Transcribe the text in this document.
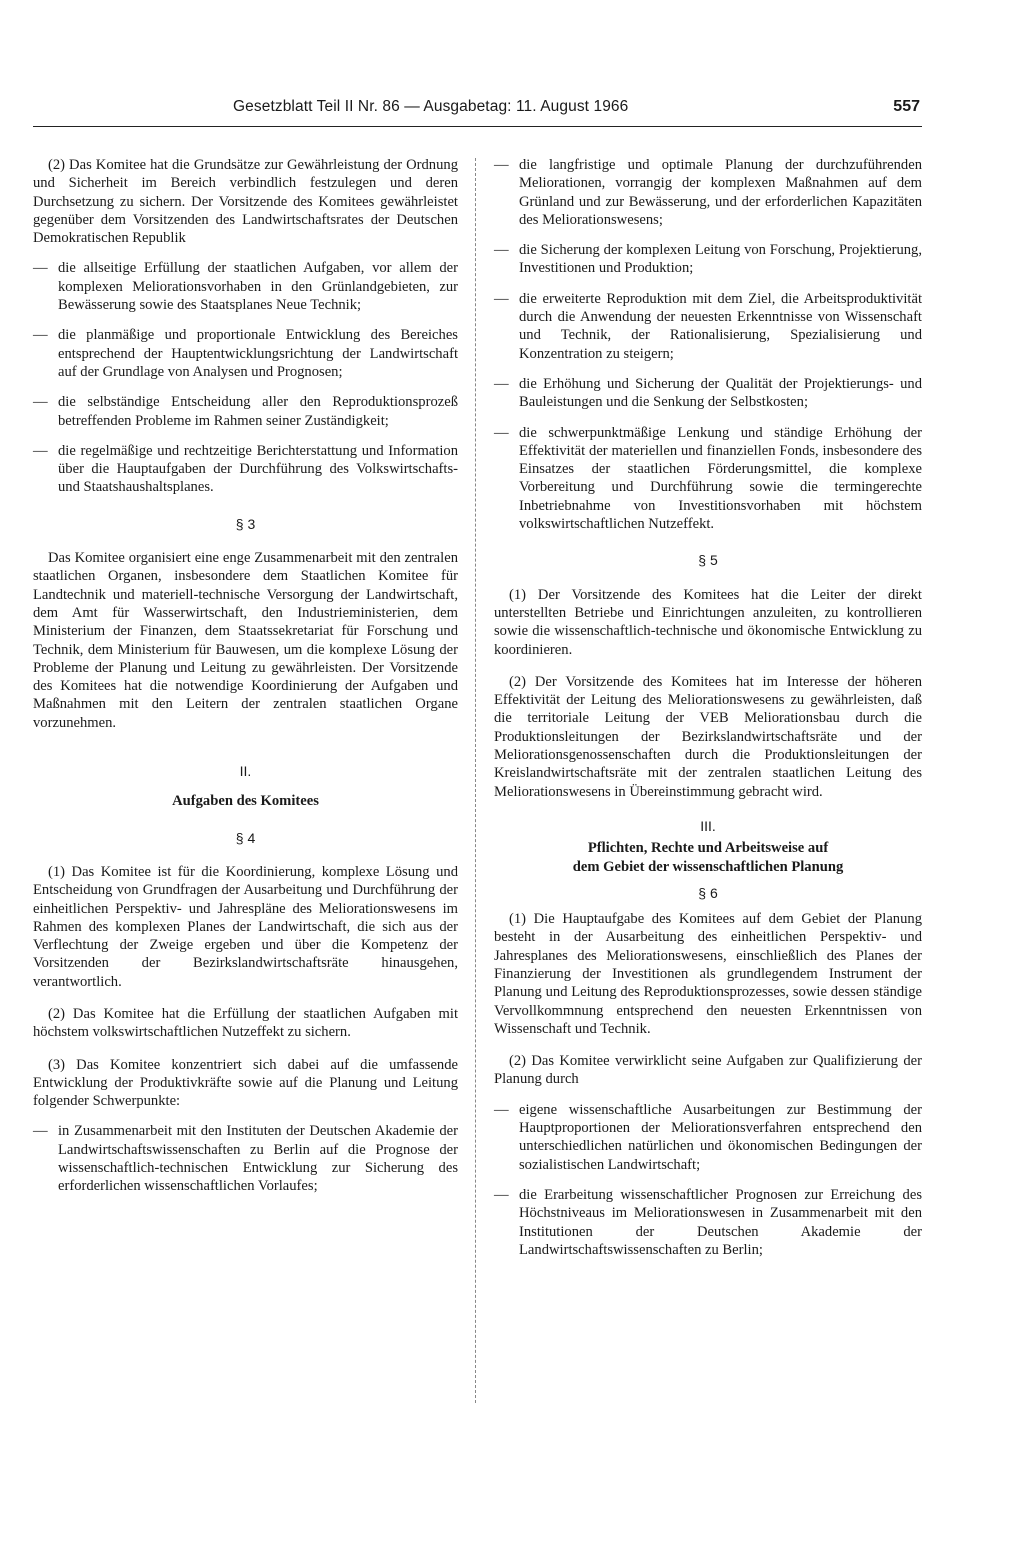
Gesetzblatt Teil II Nr. 86 — Ausgabetag: 11. August 1966	557

(2) Das Komitee hat die Grundsätze zur Gewährleistung der Ordnung und Sicherheit im Bereich verbindlich festzulegen und deren Durchsetzung zu sichern. Der Vorsitzende des Komitees gewährleistet gegenüber dem Vorsitzenden des Landwirtschaftsrates der Deutschen Demokratischen Republik

— die allseitige Erfüllung der staatlichen Aufgaben, vor allem der komplexen Meliorationsvorhaben in den Grünlandgebieten, zur Bewässerung sowie des Staatsplanes Neue Technik;

— die planmäßige und proportionale Entwicklung des Bereiches entsprechend der Hauptentwicklungsrichtung der Landwirtschaft auf der Grundlage von Analysen und Prognosen;

— die selbständige Entscheidung aller den Reproduktionsprozeß betreffenden Probleme im Rahmen seiner Zuständigkeit;

— die regelmäßige und rechtzeitige Berichterstattung und Information über die Hauptaufgaben der Durchführung des Volkswirtschafts- und Staatshaushaltsplanes.

§ 3

Das Komitee organisiert eine enge Zusammenarbeit mit den zentralen staatlichen Organen, insbesondere dem Staatlichen Komitee für Landtechnik und materiell-technische Versorgung der Landwirtschaft, dem Amt für Wasserwirtschaft, den Industrieministerien, dem Ministerium der Finanzen, dem Staatssekretariat für Forschung und Technik, dem Ministerium für Bauwesen, um die komplexe Lösung der Probleme der Planung und Leitung zu gewährleisten. Der Vorsitzende des Komitees hat die notwendige Koordinierung der Aufgaben und Maßnahmen mit den Leitern der zentralen staatlichen Organe vorzunehmen.

II.
Aufgaben des Komitees
§ 4

(1) Das Komitee ist für die Koordinierung, komplexe Lösung und Entscheidung von Grundfragen der Ausarbeitung und Durchführung der einheitlichen Perspektiv- und Jahrespläne des Meliorationswesens im Rahmen des komplexen Planes der Landwirtschaft, die sich aus der Verflechtung der Zweige ergeben und über die Kompetenz der Vorsitzenden der Bezirkslandwirtschaftsräte hinausgehen, verantwortlich.

(2) Das Komitee hat die Erfüllung der staatlichen Aufgaben mit höchstem volkswirtschaftlichen Nutzeffekt zu sichern.

(3) Das Komitee konzentriert sich dabei auf die umfassende Entwicklung der Produktivkräfte sowie auf die Planung und Leitung folgender Schwerpunkte:

— in Zusammenarbeit mit den Instituten der Deutschen Akademie der Landwirtschaftswissenschaften zu Berlin auf die Prognose der wissenschaftlich-technischen Entwicklung zur Sicherung des erforderlichen wissenschaftlichen Vorlaufes;

— die langfristige und optimale Planung der durchzuführenden Meliorationen, vorrangig der komplexen Maßnahmen auf dem Grünland und zur Bewässerung, und der erforderlichen Kapazitäten des Meliorationswesens;

— die Sicherung der komplexen Leitung von Forschung, Projektierung, Investitionen und Produktion;

— die erweiterte Reproduktion mit dem Ziel, die Arbeitsproduktivität durch die Anwendung der neuesten Erkenntnisse von Wissenschaft und Technik, der Rationalisierung, Spezialisierung und Konzentration zu steigern;

— die Erhöhung und Sicherung der Qualität der Projektierungs- und Bauleistungen und die Senkung der Selbstkosten;

— die schwerpunktmäßige Lenkung und ständige Erhöhung der Effektivität der materiellen und finanziellen Fonds, insbesondere des Einsatzes der staatlichen Förderungsmittel, die komplexe Vorbereitung und Durchführung sowie die termingerechte Inbetriebnahme von Investitionsvorhaben mit höchstem volkswirtschaftlichen Nutzeffekt.

§ 5

(1) Der Vorsitzende des Komitees hat die Leiter der direkt unterstellten Betriebe und Einrichtungen anzuleiten, zu kontrollieren sowie die wissenschaftlich-technische und ökonomische Entwicklung zu koordinieren.

(2) Der Vorsitzende des Komitees hat im Interesse der höheren Effektivität der Leitung des Meliorationswesens zu gewährleisten, daß die territoriale Leitung der VEB Meliorationsbau durch die Produktionsleitungen der Bezirkslandwirtschaftsräte und der Meliorationsgenossenschaften durch die Produktionsleitungen der Kreislandwirtschaftsräte mit der zentralen staatlichen Leitung des Meliorationswesens in Übereinstimmung gebracht wird.

III.
Pflichten, Rechte und Arbeitsweise auf
dem Gebiet der wissenschaftlichen Planung
§ 6

(1) Die Hauptaufgabe des Komitees auf dem Gebiet der Planung besteht in der Ausarbeitung des einheitlichen Perspektiv- und Jahresplanes des Meliorationswesens, einschließlich des Planes der Finanzierung der Investitionen als grundlegendem Instrument der Planung und Leitung des Reproduktionsprozesses, sowie dessen ständige Vervollkommnung entsprechend den neuesten Erkenntnissen von Wissenschaft und Technik.

(2) Das Komitee verwirklicht seine Aufgaben zur Qualifizierung der Planung durch

— eigene wissenschaftliche Ausarbeitungen zur Bestimmung der Hauptproportionen der Meliorationsverfahren entsprechend den unterschiedlichen natürlichen und ökonomischen Bedingungen der sozialistischen Landwirtschaft;

— die Erarbeitung wissenschaftlicher Prognosen zur Erreichung des Höchstniveaus im Meliorationswesen in Zusammenarbeit mit den Institutionen der Deutschen Akademie der Landwirtschaftswissenschaften zu Berlin;
